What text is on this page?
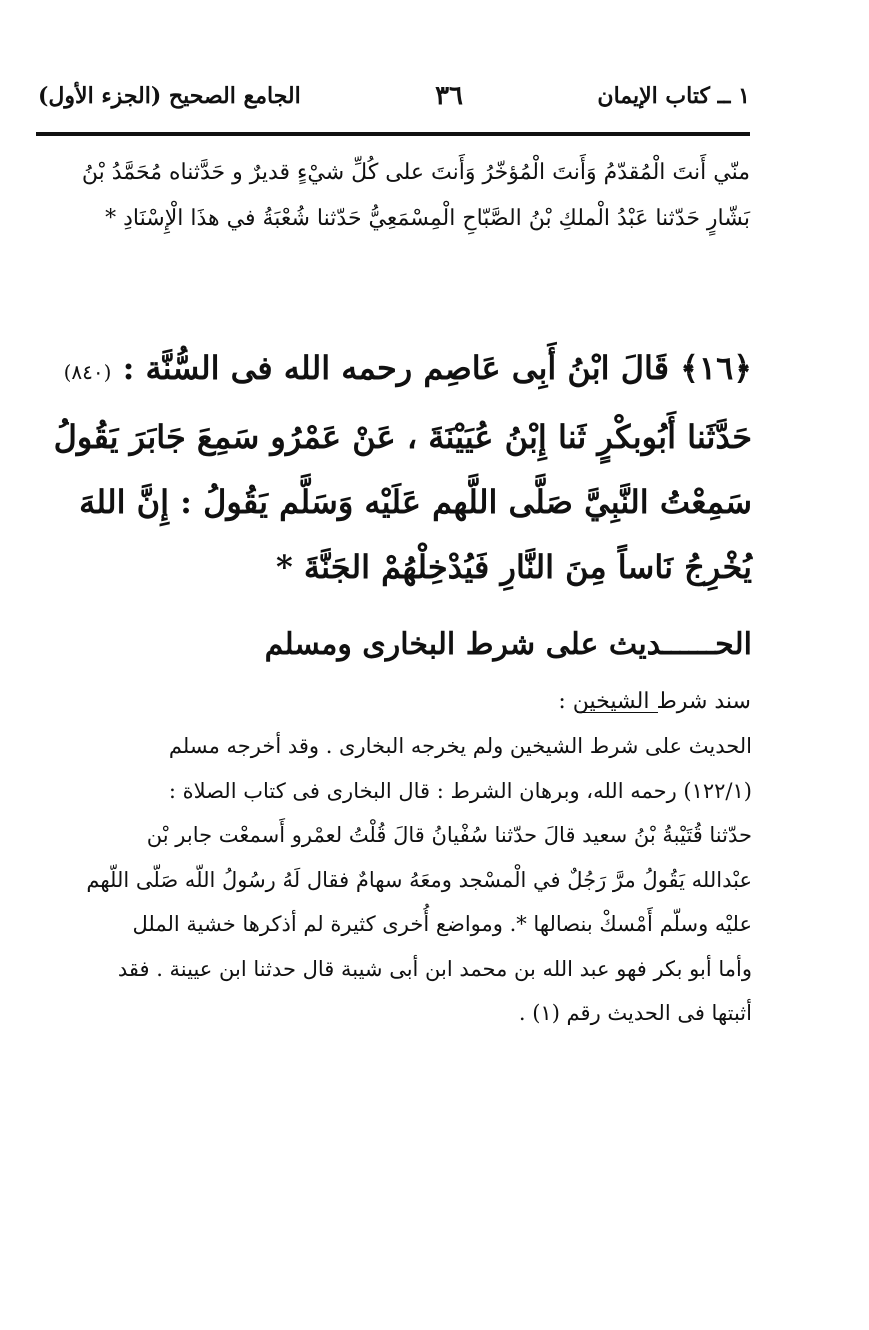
١ ــ كتاب الإيمان
٣٦
الجامع الصحيح (الجزء الأول)

منّي أَنتَ الْمُقدّمُ وَأَنتَ الْمُؤخّرُ وَأَنتَ على كُلِّ شيْءٍ قديرٌ و حَدَّثناه مُحَمَّدُ بْنُ

بَشّارٍ حَدّثنا عَبْدُ الْملكِ بْنُ الصَّبّاحِ الْمِسْمَعِيُّ حَدّثنا شُعْبَةُ في هذَا الْإِسْنَادِ *

﴿١٦﴾ قَالَ ابْنُ أَبِى عَاصِم رحمه الله فى السُّنَّة : (٨٤٠)

حَدَّثَنا أَبُوبكْرٍ ثَنا إِبْنُ عُيَيْنَةَ ، عَنْ عَمْرُو سَمِعَ جَابَرَ يَقُولُ

سَمِعْتُ النَّبِيَّ صَلَّى اللَّهم عَلَيْه وَسَلَّم يَقُولُ : إِنَّ اللهَ

يُخْرِجُ نَاساً مِنَ النَّارِ فَيُدْخِلْهُمْ الجَنَّةَ *

الحــــــديث على شرط البخارى ومسلم
سند شرط الشيخين :

الحديث على شرط الشيخين ولم يخرجه البخارى . وقد أخرجه مسلم

(١٢٢/١) رحمه الله، وبرهان الشرط : قال البخارى فى كتاب الصلاة :

حدّثنا قُتَيْبةُ بْنُ سعيد قالَ حدّثنا سُفْيانُ قالَ قُلْتُ لعمْرو أَسمعْت جابر بْن

عبْدالله يَقُولُ مرَّ رَجُلٌ في الْمسْجد ومعَهُ سهامٌ فقال لَهُ رسُولُ اللّه صَلّى اللّهم

عليْه وسلّم أَمْسكْ بنصالها *. ومواضع أُخرى كثيرة لم أذكرها خشية الملل

وأما أبو بكر فهو عبد الله بن محمد ابن أبى شيبة قال حدثنا ابن عيينة . فقد

أثبتها فى الحديث رقم (١) .
